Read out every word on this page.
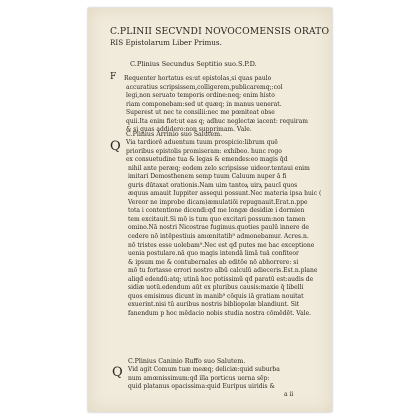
C.PLINII SECVNDI NOVOCOMENSIS ORATO
RIS Epistolarum Liber Primus.
C.Plinius Secundus Septitio suo.S.P.D.
F	Requenter hortatus es:ut epistolas,si quas paulo
accuratius scripsissem,colligerem,publicaremq;:col
legi,non seruato temporis ordine:neq; enim histo
riam componebam:sed ut quæq; in manus uenerat.
Superest ut nec te consilii:nec me pœniteat obse
quii.Ita enim fiet:ut eas q; adhuc neglectæ iacent: requiram
& si quas addidero:non supprimam. Vale.
C.Plinius Arrinio suo Salutem.
Q Via tardiorē aduentum tuum prospicio:librum quē
prioribus epistolis promiseram: exhibeo. hunc rogo
ex consuetudine tua & legas & emendes:eo magis q̄d
nihil ante peræq; eodem zelo scripsisse uideor.tentaui enim
imitari Demosthenem semp tuum Caluum nuper ā fi
guris dūtaxat orationis.Nam uim tantoꝝ uirꝝ paucī quos
æquus amauit Iuppiter assequi possunt.Nec materia ipsa huic (
Vereor ne improbe dicam)æmulatiōi repugnauit.Erat.n.ppe
tota i contentione dicendi:qđ me longæ desidiæ i dormien
tem excitauit.Si mō is tum quo excitari possum:non tamen
omino.Nā nostri Nicostrae fugimus.quoties paulū innere de
cedere nō intēpestiuis amœnitatib⁹ admonebamur. Acres.n.
nō tristes esse uolebam⁹.Nec est qđ putes me hac exceptione
uenia postulare.nā quo magis intendā limā tuā confiteor
& ipsum me & contubernales ab editōe nō abhorrere: si
mō tu fortasse errori nostro albū calculū adieceris.Est.n.plane
aliqđ edendū:atq; utinā hoc potissimū qđ paratū est:audis de
sidiæ uotū.edendum aūt ex pluribus causis:maxie q̄ libelli
quos emisimus dicunt̄ in manib⁹ cōquis iā gratiam nouitat
exuerint.nisi tū auribus nostris bibliopolæ blandiunt̄. Sit
fanendum p hoc mēdacio nobis studia nostra cōmēdēt. Vale.
C.Plinius Caninio Ruffo suo Salutem.
Q Vid agit Comum tuæ meæq; deliciæ:quid suburba
num amœnissimum:qđ illa porticus uerna sēp:
quid platanus opacissima:quid Euripus uiridis &
a ii
